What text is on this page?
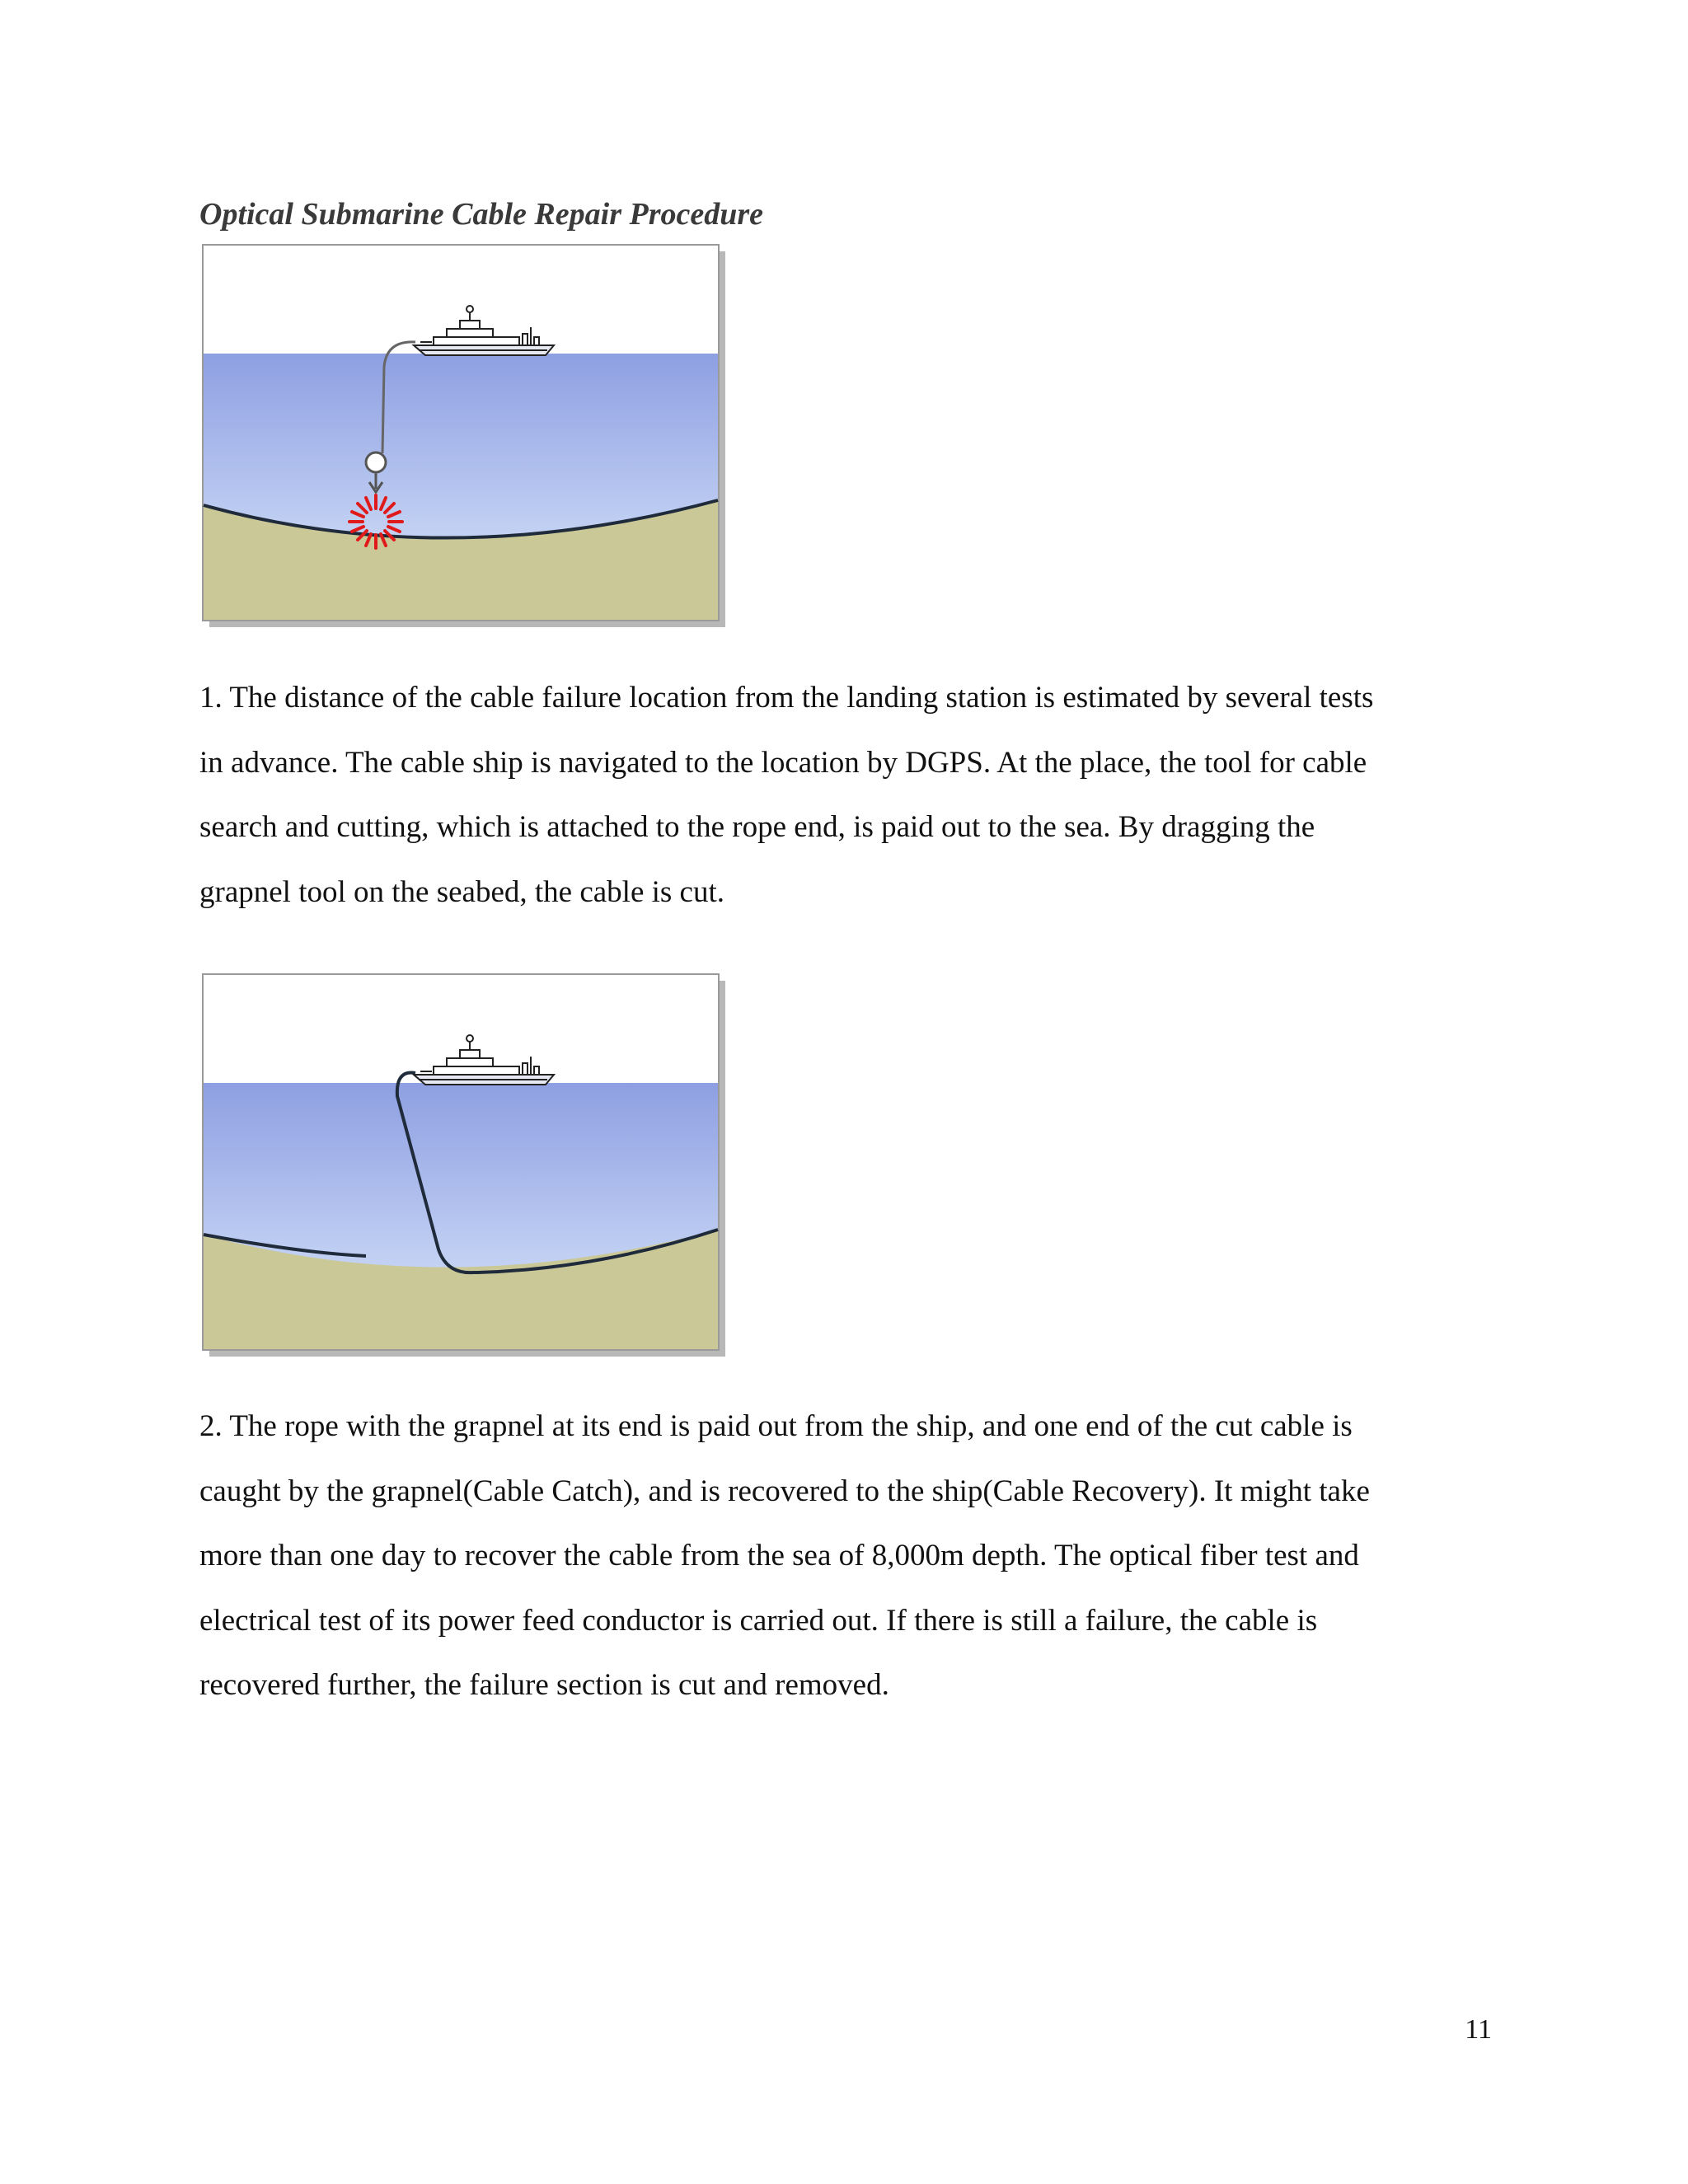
Optical Submarine Cable Repair Procedure

1. The distance of the cable failure location from the landing station is estimated by several tests
in advance. The cable ship is navigated to the location by DGPS. At the place, the tool for cable
search and cutting, which is attached to the rope end, is paid out to the sea. By dragging the
grapnel tool on the seabed, the cable is cut.

2. The rope with the grapnel at its end is paid out from the ship, and one end of the cut cable is
caught by the grapnel(Cable Catch), and is recovered to the ship(Cable Recovery). It might take
more than one day to recover the cable from the sea of 8,000m depth. The optical fiber test and
electrical test of its power feed conductor is carried out. If there is still a failure, the cable is
recovered further, the failure section is cut and removed.

11
